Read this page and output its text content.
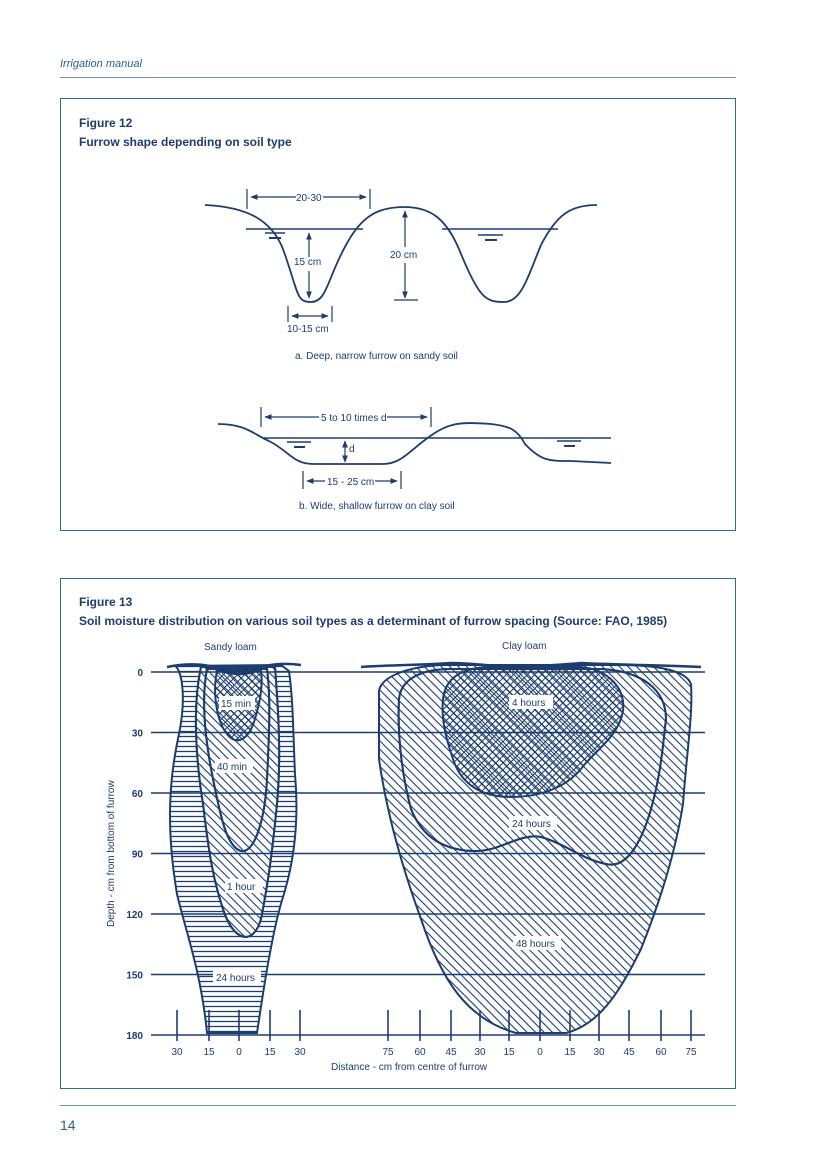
Irrigation manual
Figure 12
Furrow shape depending on soil type
20-30
15 cm
20 cm
10-15 cm
a. Deep, narrow furrow on sandy soil
5 to 10 times d
d
15 - 25 cm
b. Wide, shallow furrow on clay soil
Figure 13
Soil moisture distribution on various soil types as a determinant of furrow spacing (Source: FAO, 1985)
0
30
60
90
120
150
180
30 15 0 15 30	75 60 45 30 15 0 15 30 45 60 75
15 min
40 min
1 hour
24 hours
4 hours
24 hours
48 hours
Sandy loam	Clay loam
Depth - cm from bottom of furrow
Distance - cm from centre of furrow
14
